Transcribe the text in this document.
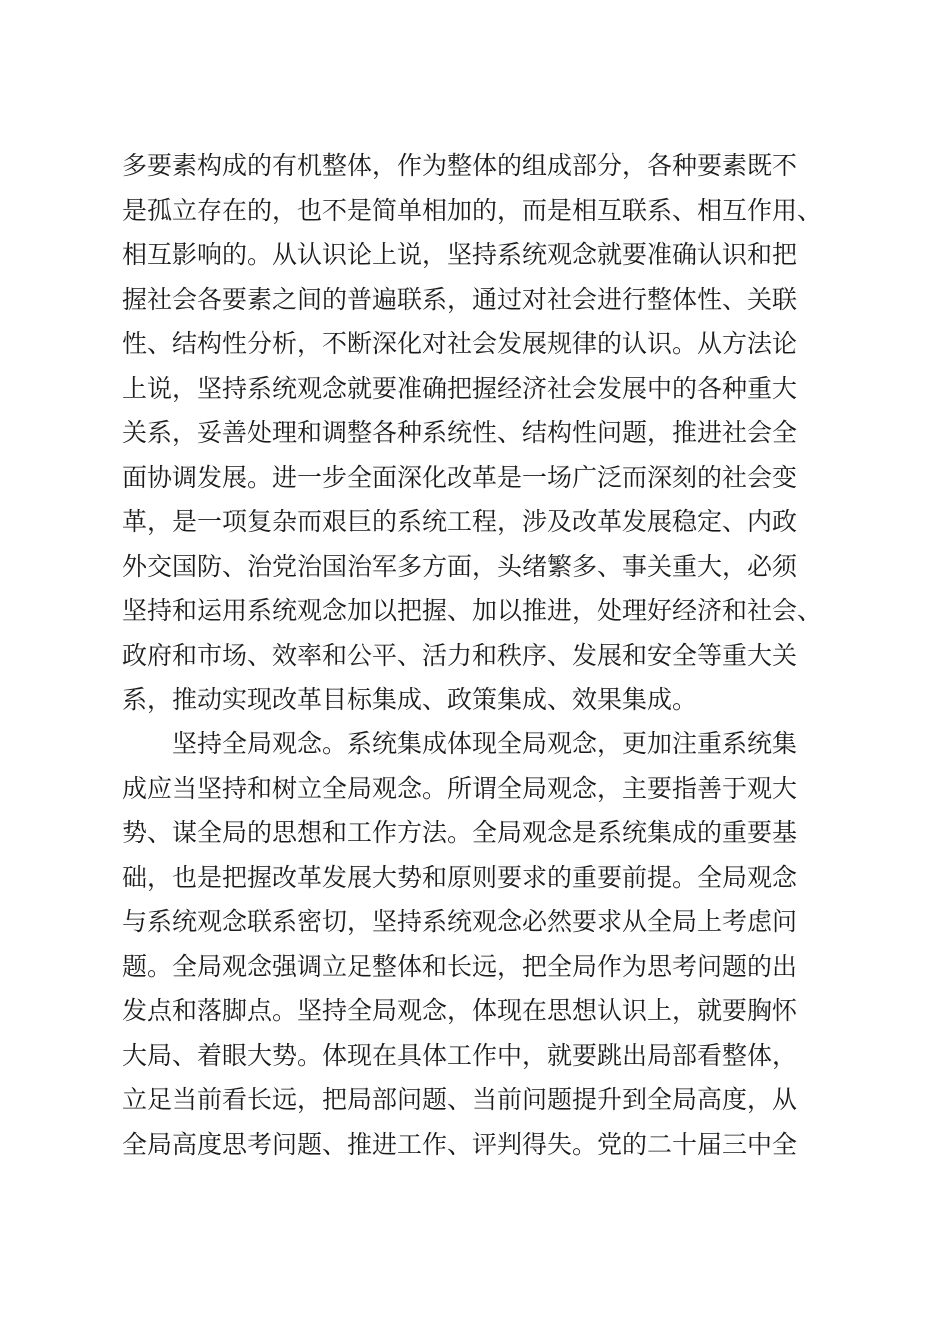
多要素构成的有机整体，作为整体的组成部分，各种要素既不
是孤立存在的，也不是简单相加的，而是相互联系、相互作用、
相互影响的。从认识论上说，坚持系统观念就要准确认识和把
握社会各要素之间的普遍联系，通过对社会进行整体性、关联
性、结构性分析，不断深化对社会发展规律的认识。从方法论
上说，坚持系统观念就要准确把握经济社会发展中的各种重大
关系，妥善处理和调整各种系统性、结构性问题，推进社会全
面协调发展。进一步全面深化改革是一场广泛而深刻的社会变
革，是一项复杂而艰巨的系统工程，涉及改革发展稳定、内政
外交国防、治党治国治军多方面，头绪繁多、事关重大，必须
坚持和运用系统观念加以把握、加以推进，处理好经济和社会、
政府和市场、效率和公平、活力和秩序、发展和安全等重大关
系，推动实现改革目标集成、政策集成、效果集成。
坚持全局观念。系统集成体现全局观念，更加注重系统集
成应当坚持和树立全局观念。所谓全局观念，主要指善于观大
势、谋全局的思想和工作方法。全局观念是系统集成的重要基
础，也是把握改革发展大势和原则要求的重要前提。全局观念
与系统观念联系密切，坚持系统观念必然要求从全局上考虑问
题。全局观念强调立足整体和长远，把全局作为思考问题的出
发点和落脚点。坚持全局观念，体现在思想认识上，就要胸怀
大局、着眼大势。体现在具体工作中，就要跳出局部看整体，
立足当前看长远，把局部问题、当前问题提升到全局高度，从
全局高度思考问题、推进工作、评判得失。党的二十届三中全
